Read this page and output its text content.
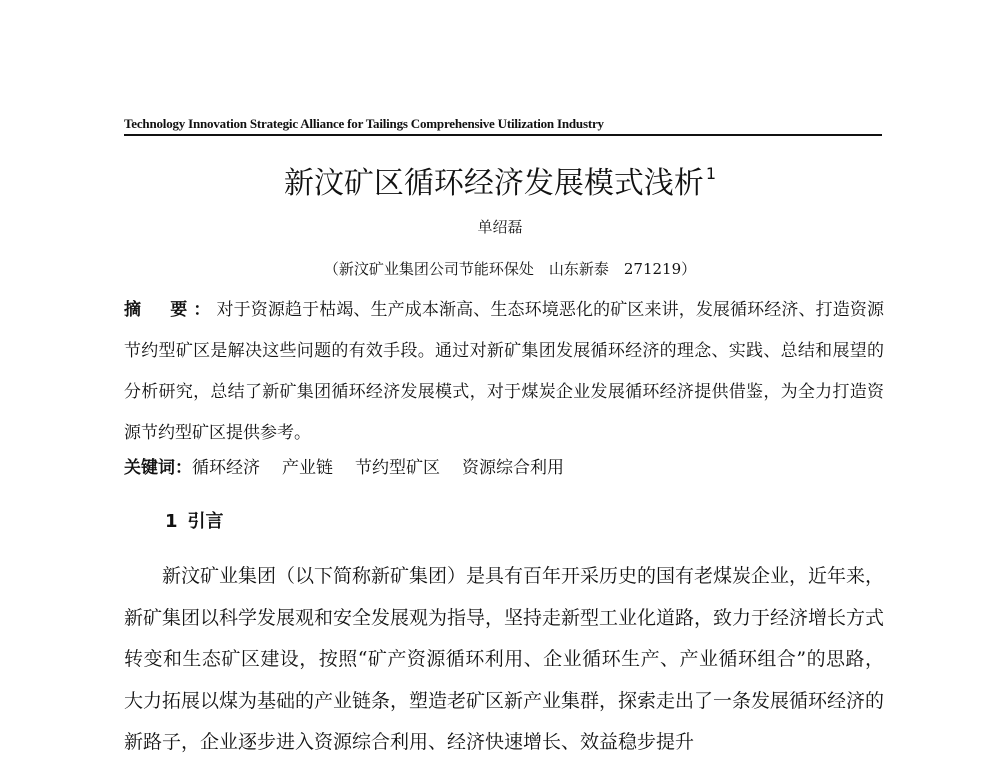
Technology Innovation Strategic Alliance for Tailings Comprehensive Utilization Industry
新汶矿区循环经济发展模式浅析 $^1$
单绍磊
（新汶矿业集团公司节能环保处　山东新泰　271219）
摘　要：对于资源趋于枯竭、生产成本渐高、生态环境恶化的矿区来讲，发展循环经济、打造资源节约型矿区是解决这些问题的有效手段。通过对新矿集团发展循环经济的理念、实践、总结和展望的分析研究，总结了新矿集团循环经济发展模式，对于煤炭企业发展循环经济提供借鉴，为全力打造资源节约型矿区提供参考。
关键词：循环经济 产业链 节约型矿区 资源综合利用
1 引言
新汶矿业集团（以下简称新矿集团）是具有百年开采历史的国有老煤炭企业，近年来，新矿集团以科学发展观和安全发展观为指导，坚持走新型工业化道路，致力于经济增长方式转变和生态矿区建设，按照“矿产资源循环利用、企业循环生产、产业循环组合”的思路，大力拓展以煤为基础的产业链条，塑造老矿区新产业集群，探索走出了一条发展循环经济的新路子，企业逐步进入资源综合利用、经济快速增长、效益稳步提升
